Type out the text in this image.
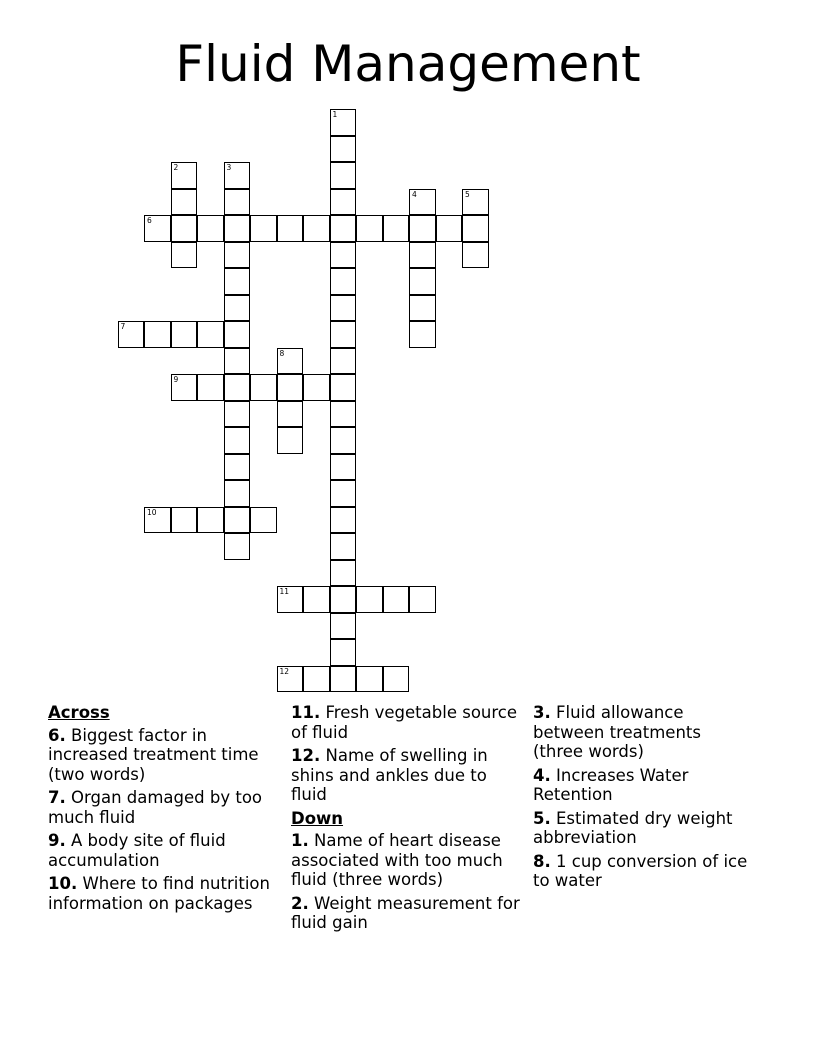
Fluid Management
1
2	3
4	5
6
7
8
9
10
11
12
Across
6. Biggest factor in increased treatment time (two words)
7. Organ damaged by too much fluid
9. A body site of fluid accumulation
10. Where to find nutrition information on packages
11. Fresh vegetable source of fluid
12. Name of swelling in shins and ankles due to fluid
Down
1. Name of heart disease associated with too much fluid (three words)
2. Weight measurement for fluid gain
3. Fluid allowance between treatments (three words)
4. Increases Water Retention
5. Estimated dry weight abbreviation
8. 1 cup conversion of ice to water
